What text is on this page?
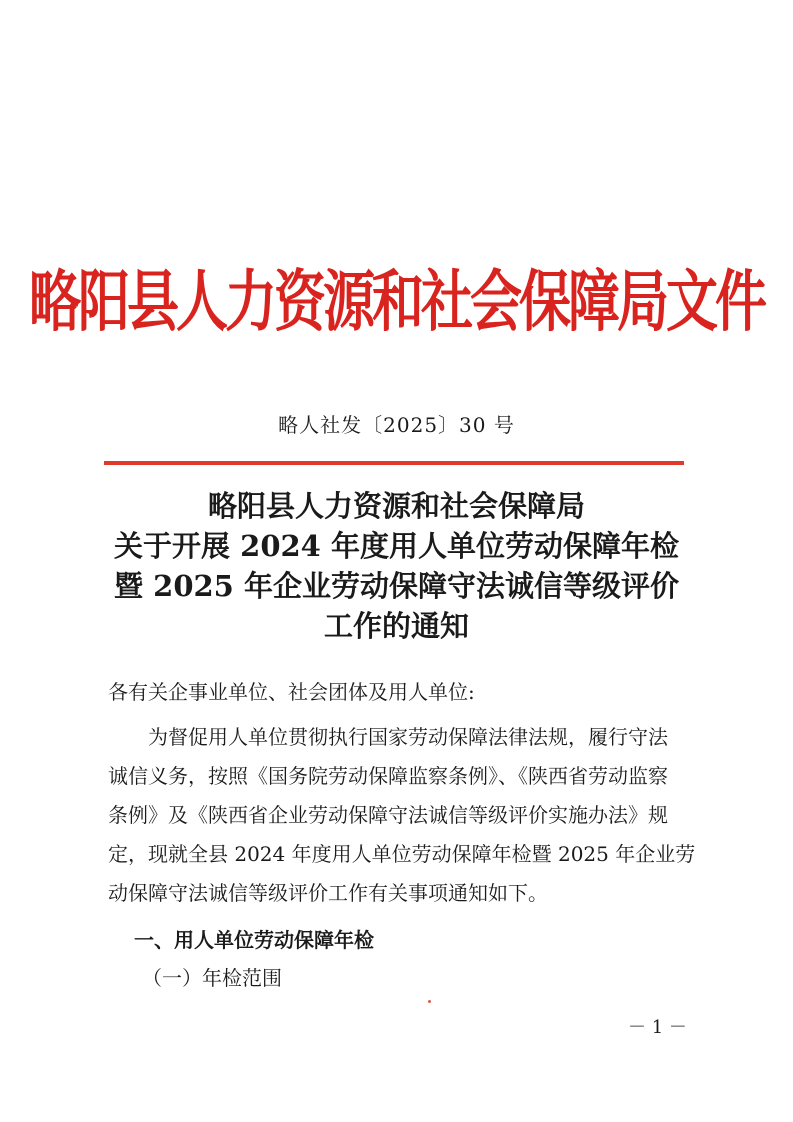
略阳县人力资源和社会保障局文件
略人社发〔2025〕30 号
略阳县人力资源和社会保障局
关于开展 2024 年度用人单位劳动保障年检
暨 2025 年企业劳动保障守法诚信等级评价
工作的通知
各有关企事业单位、社会团体及用人单位:
为督促用人单位贯彻执行国家劳动保障法律法规，履行守法
诚信义务，按照《国务院劳动保障监察条例》、《陕西省劳动监察
条例》及《陕西省企业劳动保障守法诚信等级评价实施办法》规
定，现就全县 2024 年度用人单位劳动保障年检暨 2025 年企业劳
动保障守法诚信等级评价工作有关事项通知如下。
一、用人单位劳动保障年检
（一）年检范围
－ 1 －
